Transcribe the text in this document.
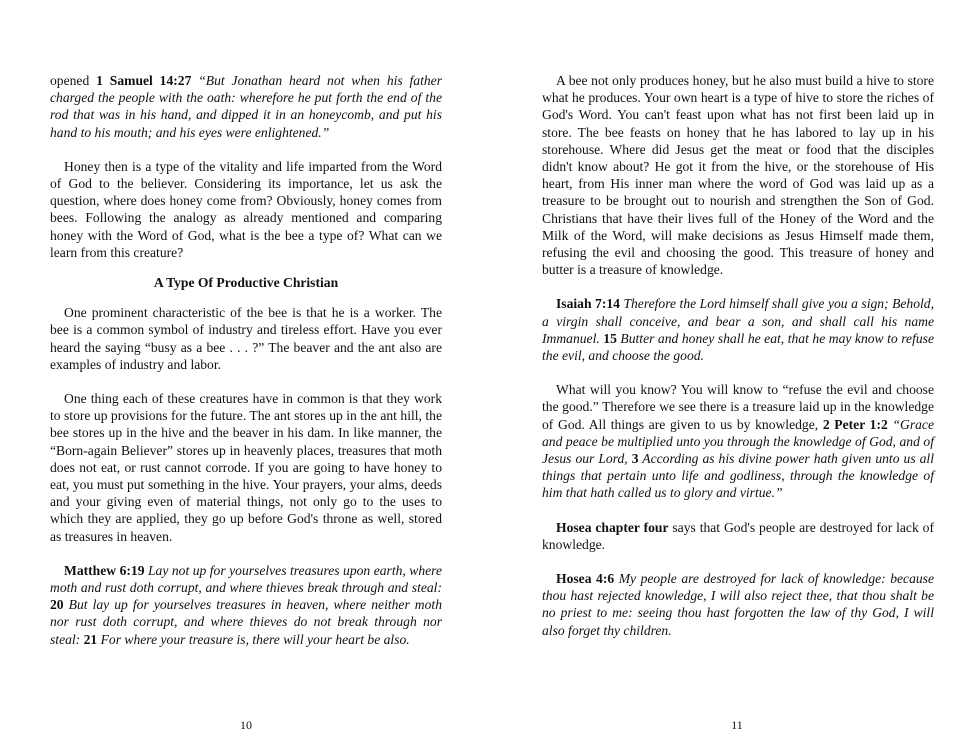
opened 1 Samuel 14:27 “But Jonathan heard not when his father charged the people with the oath: wherefore he put forth the end of the rod that was in his hand, and dipped it in an honeycomb, and put his hand to his mouth; and his eyes were enlightened.”

Honey then is a type of the vitality and life imparted from the Word of God to the believer. Considering its importance, let us ask the question, where does honey come from? Obviously, honey comes from bees. Following the analogy as already mentioned and comparing honey with the Word of God, what is the bee a type of? What can we learn from this creature?

A Type Of Productive Christian

One prominent characteristic of the bee is that he is a worker. The bee is a common symbol of industry and tireless effort. Have you ever heard the saying “busy as a bee . . . ?” The beaver and the ant also are examples of industry and labor.

One thing each of these creatures have in common is that they work to store up provisions for the future. The ant stores up in the ant hill, the bee stores up in the hive and the beaver in his dam. In like manner, the “Born-again Believer” stores up in heavenly places, treasures that moth does not eat, or rust cannot corrode. If you are going to have honey to eat, you must put something in the hive. Your prayers, your alms, deeds and your giving even of material things, not only go to the uses to which they are applied, they go up before God's throne as well, stored as treasures in heaven.

Matthew 6:19 Lay not up for yourselves treasures upon earth, where moth and rust doth corrupt, and where thieves break through and steal: 20 But lay up for yourselves treasures in heaven, where neither moth nor rust doth corrupt, and where thieves do not break through nor steal: 21 For where your treasure is, there will your heart be also.

10

A bee not only produces honey, but he also must build a hive to store what he produces. Your own heart is a type of hive to store the riches of God's Word. You can't feast upon what has not first been laid up in store. The bee feasts on honey that he has labored to lay up in his storehouse. Where did Jesus get the meat or food that the disciples didn't know about? He got it from the hive, or the storehouse of His heart, from His inner man where the word of God was laid up as a treasure to be brought out to nourish and strengthen the Son of God. Christians that have their lives full of the Honey of the Word and the Milk of the Word, will make decisions as Jesus Himself made them, refusing the evil and choosing the good. This treasure of honey and butter is a treasure of knowledge.

Isaiah 7:14 Therefore the Lord himself shall give you a sign; Behold, a virgin shall conceive, and bear a son, and shall call his name Immanuel. 15 Butter and honey shall he eat, that he may know to refuse the evil, and choose the good.

What will you know? You will know to “refuse the evil and choose the good.” Therefore we see there is a treasure laid up in the knowledge of God. All things are given to us by knowledge, 2 Peter 1:2 “Grace and peace be multiplied unto you through the knowledge of God, and of Jesus our Lord, 3 According as his divine power hath given unto us all things that pertain unto life and godliness, through the knowledge of him that hath called us to glory and virtue.”

Hosea chapter four says that God's people are destroyed for lack of knowledge.

Hosea 4:6 My people are destroyed for lack of knowledge: because thou hast rejected knowledge, I will also reject thee, that thou shalt be no priest to me: seeing thou hast forgotten the law of thy God, I will also forget thy children.

11
